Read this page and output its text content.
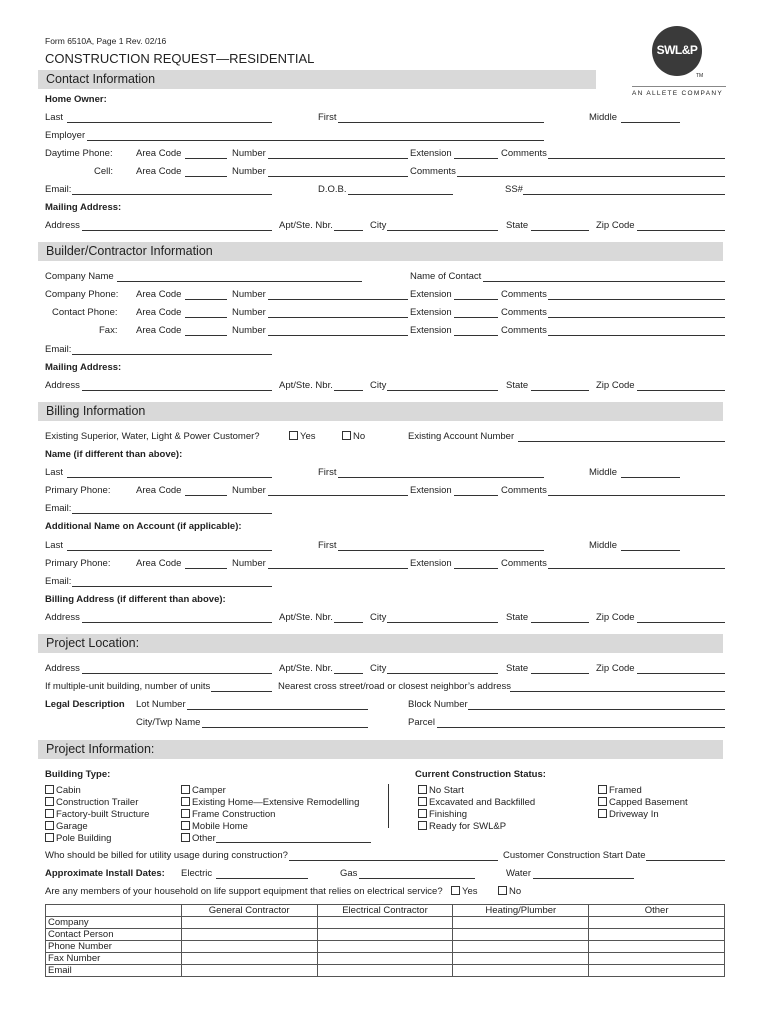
Form 6510A, Page 1 Rev. 02/16
CONSTRUCTION REQUEST—RESIDENTIAL
SWL&P
TM
AN ALLETE COMPANY
Contact Information
Home Owner:
Last	First	Middle
Employer
Daytime Phone: Area Code	Number	Extension	Comments
Cell: Area Code	Number	Comments
Email:	D.O.B.	SS#
Mailing Address:
Address	Apt/Ste. Nbr.	City	State	Zip Code
Builder/Contractor Information
Company Name	Name of Contact
Company Phone: Area Code	Number	Extension	Comments
Contact Phone: Area Code	Number	Extension	Comments
Fax: Area Code	Number	Extension	Comments
Email:
Mailing Address:
Address	Apt/Ste. Nbr.	City	State	Zip Code
Billing Information
Existing Superior, Water, Light & Power Customer?	Yes	No	Existing Account Number
Name (if different than above):
Last	First	Middle
Primary Phone:	Area Code	Number	Extension	Comments
Email:
Additional Name on Account (if applicable):
Last	First	Middle
Primary Phone:	Area Code	Number	Extension	Comments
Email:
Billing Address (if different than above):
Address	Apt/Ste. Nbr.	City	State	Zip Code
Project Location:
Address	Apt/Ste. Nbr.	City	State	Zip Code
If multiple-unit building, number of units	Nearest cross street/road or closest neighbor’s address
Legal Description Lot Number	Block Number
City/Twp Name	Parcel
Project Information:
Building Type:	Current Construction Status:
Cabin
Construction Trailer
Factory-built Structure
Garage
Pole Building
Camper
Existing Home—Extensive Remodelling
Frame Construction
Mobile Home
Other
No Start
Excavated and Backfilled
Finishing
Ready for SWL&P
Framed
Capped Basement
Driveway In
Who should be billed for utility usage during construction?	Customer Construction Start Date
Approximate Install Dates: Electric	Gas	Water
Are any members of your household on life support equipment that relies on electrical service?	Yes	No
	General Contractor	Electrical Contractor	Heating/Plumber	Other
Company				
Contact Person				
Phone Number				
Fax Number				
Email				
